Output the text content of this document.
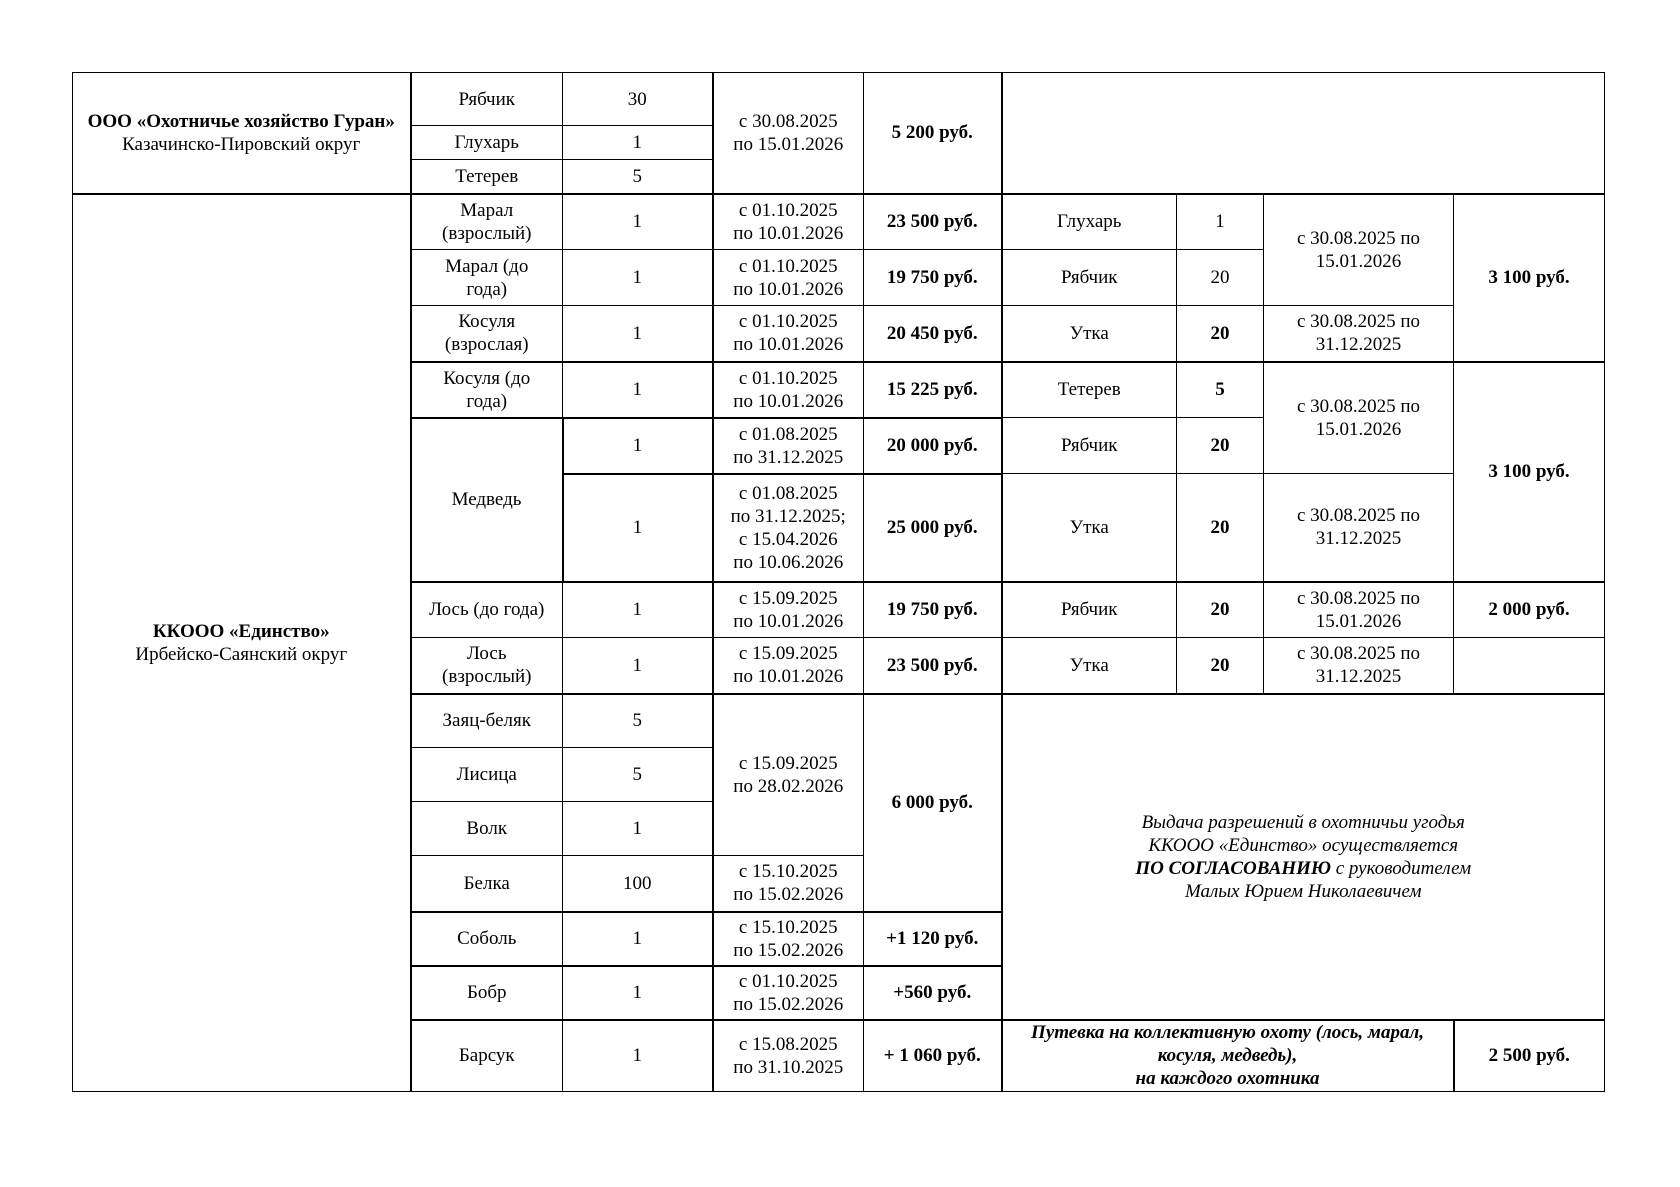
ООО «Охотничье хозяйство Гуран»
Казачинско-Пировский округ	Рябчик	30	с 30.08.2025
по 15.01.2026	5 200 руб.				
	Глухарь	1						
	Тетерев	5						

ККООО «Единство»
Ирбейско-Саянский округ	Марал
(взрослый)	1	с 01.10.2025
по 10.01.2026	23 500 руб.	Глухарь	1	с 30.08.2025 по
15.01.2026	3 100 руб.
	Марал (до
года)	1	с 01.10.2025
по 10.01.2026	19 750 руб.	Рябчик	20		
	Косуля
(взрослая)	1	с 01.10.2025
по 10.01.2026	20 450 руб.	Утка	20	с 30.08.2025 по
31.12.2025	
	Косуля (до
года)	1	с 01.10.2025
по 10.01.2026	15 225 руб.	Тетерев	5	с 30.08.2025 по
15.01.2026	3 100 руб.
	Медведь	1	с 01.08.2025
по 31.12.2025	20 000 руб.	Рябчик	20		
		1	с 01.08.2025
по 31.12.2025;
с 15.04.2026
по 10.06.2026	25 000 руб.	Утка	20	с 30.08.2025 по
31.12.2025	
	Лось (до года)	1	с 15.09.2025
по 10.01.2026	19 750 руб.	Рябчик	20	с 30.08.2025 по
15.01.2026	2 000 руб.
	Лось
(взрослый)	1	с 15.09.2025
по 10.01.2026	23 500 руб.	Утка	20	с 30.08.2025 по
31.12.2025	
	Заяц-беляк	5	с 15.09.2025
по 28.02.2026	6 000 руб.	Выдача разрешений в охотничьи угодья
ККООО «Единство» осуществляется
ПО СОГЛАСОВАНИЮ с руководителем
Малых Юрием Николаевичем			
	Лисица	5						
	Волк	1						
	Белка	100	с 15.10.2025
по 15.02.2026					
	Соболь	1	с 15.10.2025
по 15.02.2026	+1 120 руб.				
	Бобр	1	с 01.10.2025
по 15.02.2026	+560 руб.				
	Барсук	1	с 15.08.2025
по 31.10.2025	+ 1 060 руб.	Путевка на коллективную охоту (лось, марал,
косуля, медведь),
на каждого охотника			2 500 руб.
